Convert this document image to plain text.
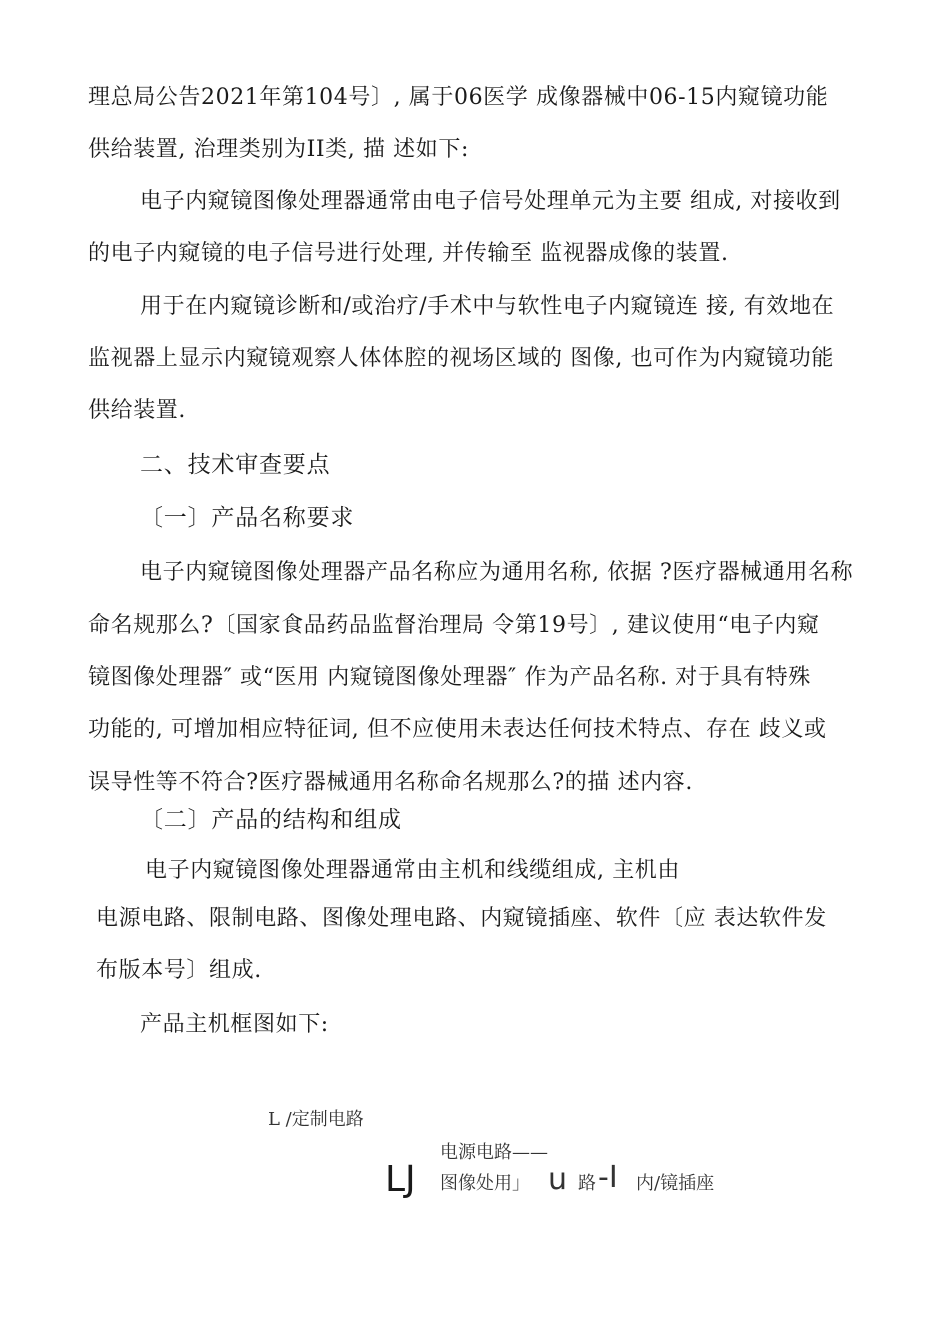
理总局公告2021年第104号〕, 属于06医学 成像器械中06-15内窥镜功能
供给装置, 治理类别为II类, 描 述如下:
电子内窥镜图像处理器通常由电子信号处理单元为主要 组成, 对接收到
的电子内窥镜的电子信号进行处理, 并传输至 监视器成像的装置.
用于在内窥镜诊断和/或治疗/手术中与软性电子内窥镜连 接, 有效地在
监视器上显示内窥镜观察人体体腔的视场区域的 图像, 也可作为内窥镜功能
供给装置.
二、技术审查要点
〔一〕产品名称要求
电子内窥镜图像处理器产品名称应为通用名称, 依据 ?医疗器械通用名称
命名规那么?〔国家食品药品监督治理局 令第19号〕, 建议使用“电子内窥
镜图像处理器″ 或“医用 内窥镜图像处理器″ 作为产品名称. 对于具有特殊
功能的, 可增加相应特征词, 但不应使用未表达任何技术特点、存在 歧义或
误导性等不符合?医疗器械通用名称命名规那么?的描 述内容.
〔二〕产品的结构和组成
电子内窥镜图像处理器通常由主机和线缆组成, 主机由
电源电路、限制电路、图像处理电路、内窥镜插座、软件〔应 表达软件发
布版本号〕组成.
产品主机框图如下:
L /定制电路
电源电路——
LJ 图像处用」 u 路 -I 内/镜插座
